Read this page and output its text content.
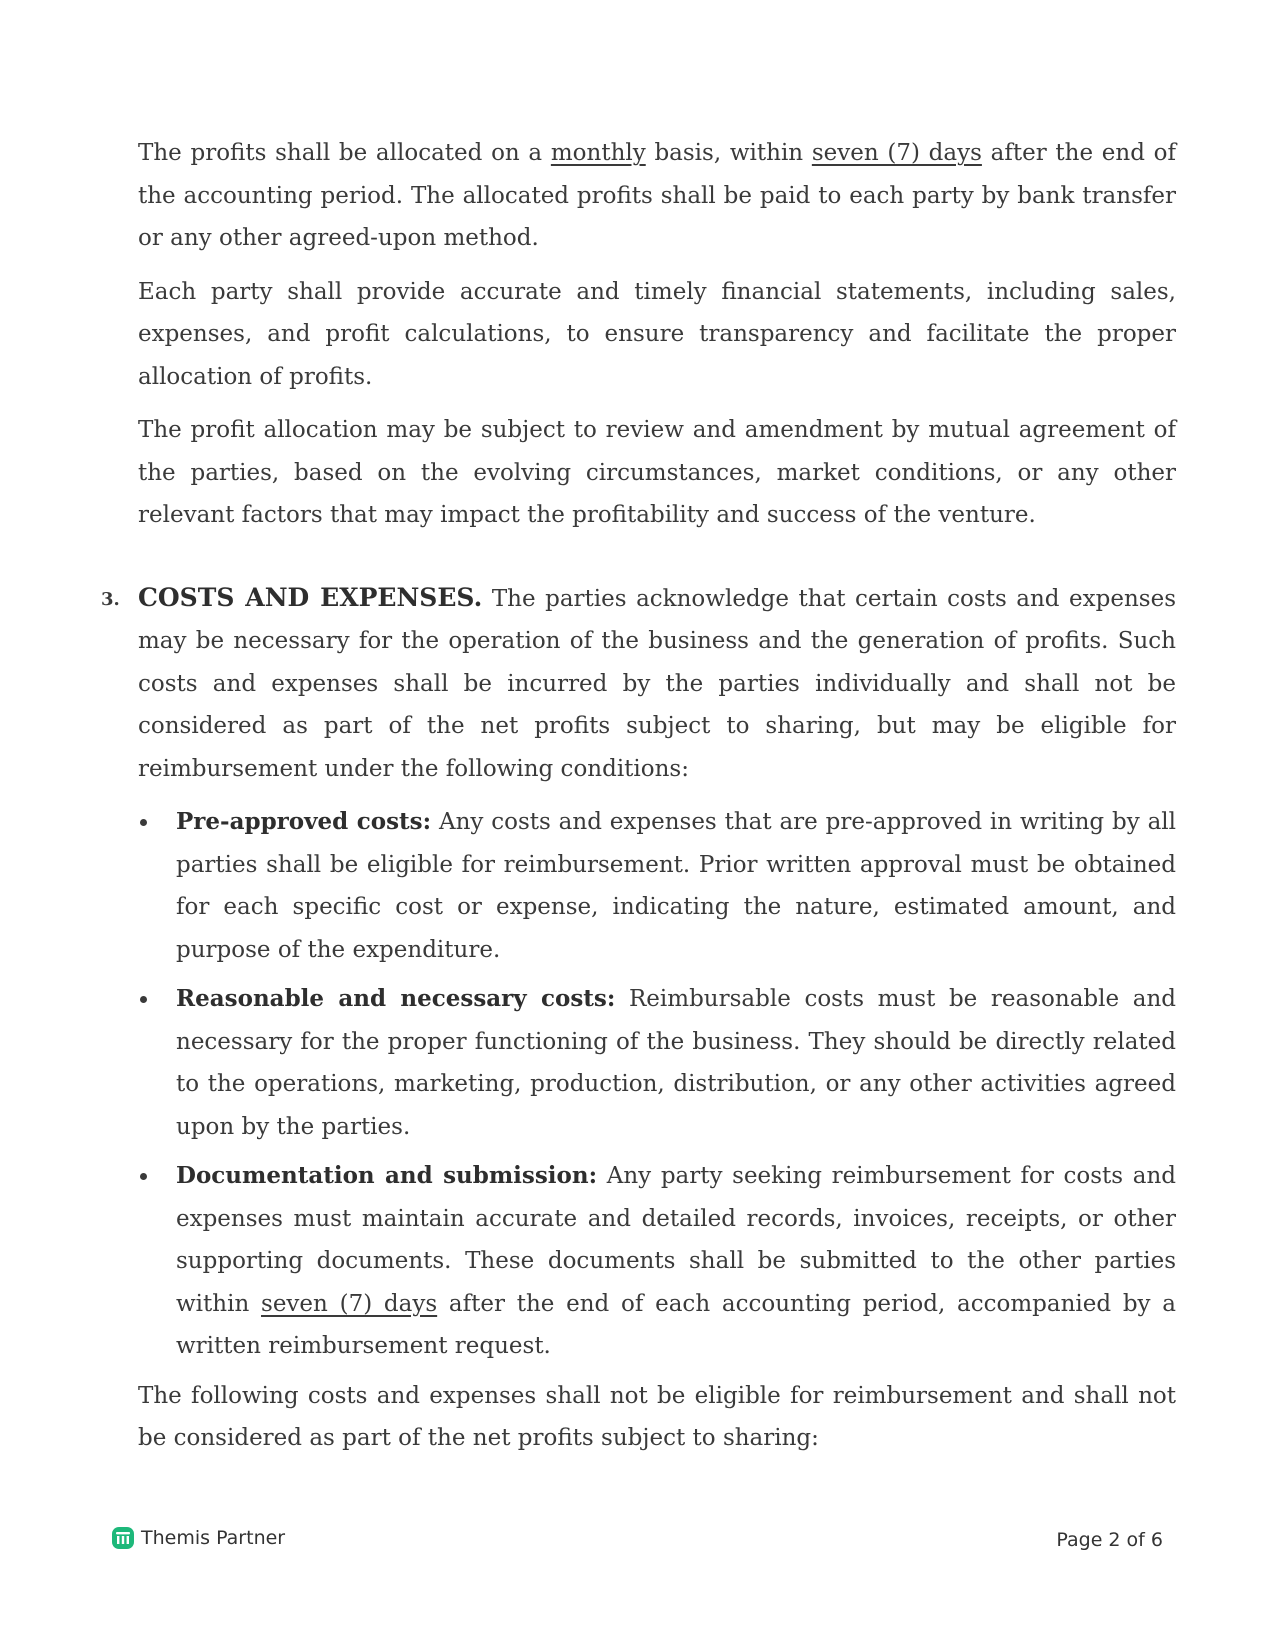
The profits shall be allocated on a monthly basis, within seven (7) days after the end of the accounting period. The allocated profits shall be paid to each party by bank transfer or any other agreed-upon method.

Each party shall provide accurate and timely financial statements, including sales, expenses, and profit calculations, to ensure transparency and facilitate the proper allocation of profits.

The profit allocation may be subject to review and amendment by mutual agreement of the parties, based on the evolving circumstances, market conditions, or any other relevant factors that may impact the profitability and success of the venture.

3. COSTS AND EXPENSES. The parties acknowledge that certain costs and expenses may be necessary for the operation of the business and the generation of profits. Such costs and expenses shall be incurred by the parties individually and shall not be considered as part of the net profits subject to sharing, but may be eligible for reimbursement under the following conditions:

Pre-approved costs: Any costs and expenses that are pre-approved in writing by all parties shall be eligible for reimbursement. Prior written approval must be obtained for each specific cost or expense, indicating the nature, estimated amount, and purpose of the expenditure.

Reasonable and necessary costs: Reimbursable costs must be reasonable and necessary for the proper functioning of the business. They should be directly related to the operations, marketing, production, distribution, or any other activities agreed upon by the parties.

Documentation and submission: Any party seeking reimbursement for costs and expenses must maintain accurate and detailed records, invoices, receipts, or other supporting documents. These documents shall be submitted to the other parties within seven (7) days after the end of each accounting period, accompanied by a written reimbursement request.

The following costs and expenses shall not be eligible for reimbursement and shall not be considered as part of the net profits subject to sharing:

Themis Partner	Page 2 of 6
